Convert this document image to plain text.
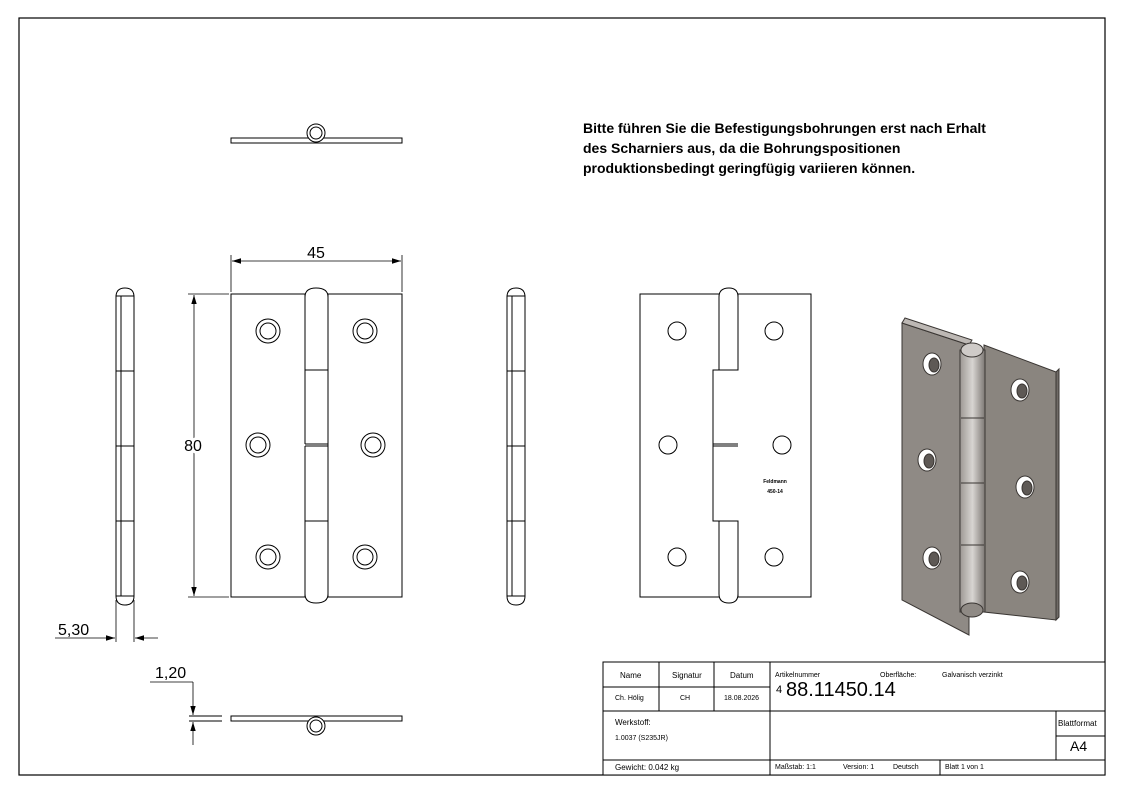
45
80
5,30
1,20
Feldmann
450-14
Bitte führen Sie die Befestigungsbohrungen erst nach Erhalt
des Scharniers aus, da die Bohrungspositionen
produktionsbedingt geringfügig variieren können.
Name	Signatur	Datum
Ch. Hölig	CH	18.08.2026
Artikelnummer	Oberfläche:	Galvanisch verzinkt
4 88.11450.14
Werkstoff:
1.0037 (S235JR)
Blattformat
A4
Gewicht: 0.042 kg	Maßstab: 1:1	Version: 1	Deutsch	Blatt 1 von 1
